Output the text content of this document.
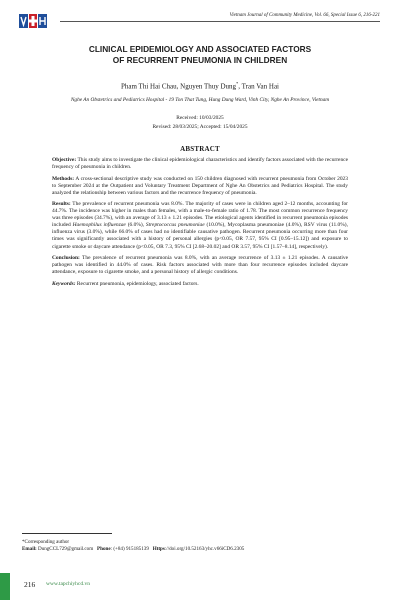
Vietnam Journal of Community Medicine, Vol. 66, Special Issue 6, 216-221
CLINICAL EPIDEMIOLOGY AND ASSOCIATED FACTORS
OF RECURRENT PNEUMONIA IN CHILDREN
Pham Thi Hai Chau, Nguyen Thuy Dung*, Tran Van Hai
Nghe An Obstetrics and Pediatrics Hospital - 19 Ton That Tung, Hung Dung Ward, Vinh City, Nghe An Province, Vietnam
Received: 10/03/2025
Revised: 28/03/2025; Accepted: 15/04/2025
ABSTRACT

Objective: This study aims to investigate the clinical epidemiological characteristics and identify factors associated with the recurrence frequency of pneumonia in children.

Methods: A cross-sectional descriptive study was conducted on 150 children diagnosed with recurrent pneumonia from October 2023 to September 2024 at the Outpatient and Voluntary Treatment Department of Nghe An Obstetrics and Pediatrics Hospital. The study analyzed the relationship between various factors and the recurrence frequency of pneumonia.

Results: The prevalence of recurrent pneumonia was 8.0%. The majority of cases were in children aged 2–12 months, accounting for 44.7%. The incidence was higher in males than females, with a male-to-female ratio of 1.78. The most common recurrence frequency was three episodes (34.7%), with an average of 3.13 ± 1.21 episodes. The etiological agents identified in recurrent pneumonia episodes included Haemophilus influenzae (6.0%), Streptococcus pneumoniae (10.0%), Mycoplasma pneumoniae (4.0%), RSV virus (11.0%), influenza virus (3.0%), while 66.0% of cases had no identifiable causative pathogen. Recurrent pneumonia occurring more than four times was significantly associated with a history of personal allergies (p<0.05, OR 7.57, 95% CI [0.95–15.12]) and exposure to cigarette smoke or daycare attendance (p<0.05, OR 7.3, 95% CI [2.68–20.02] and OR 3.57, 95% CI [1.57–8.14], respectively).

Conclusion: The prevalence of recurrent pneumonia was 8.0%, with an average recurrence of 3.13 ± 1.21 episodes. A causative pathogen was identified in 44.0% of cases. Risk factors associated with more than four recurrence episodes included daycare attendance, exposure to cigarette smoke, and a personal history of allergic conditions.

Keywords: Recurrent pneumonia, epidemiology, associated factors.

*Corresponding author
Email: DungCCL729@gmail.com Phone: (+84) 915185139 Https://doi.org/10.52163/yhc.v66iCD6.2305
216 www.tapchiyhcd.vn
